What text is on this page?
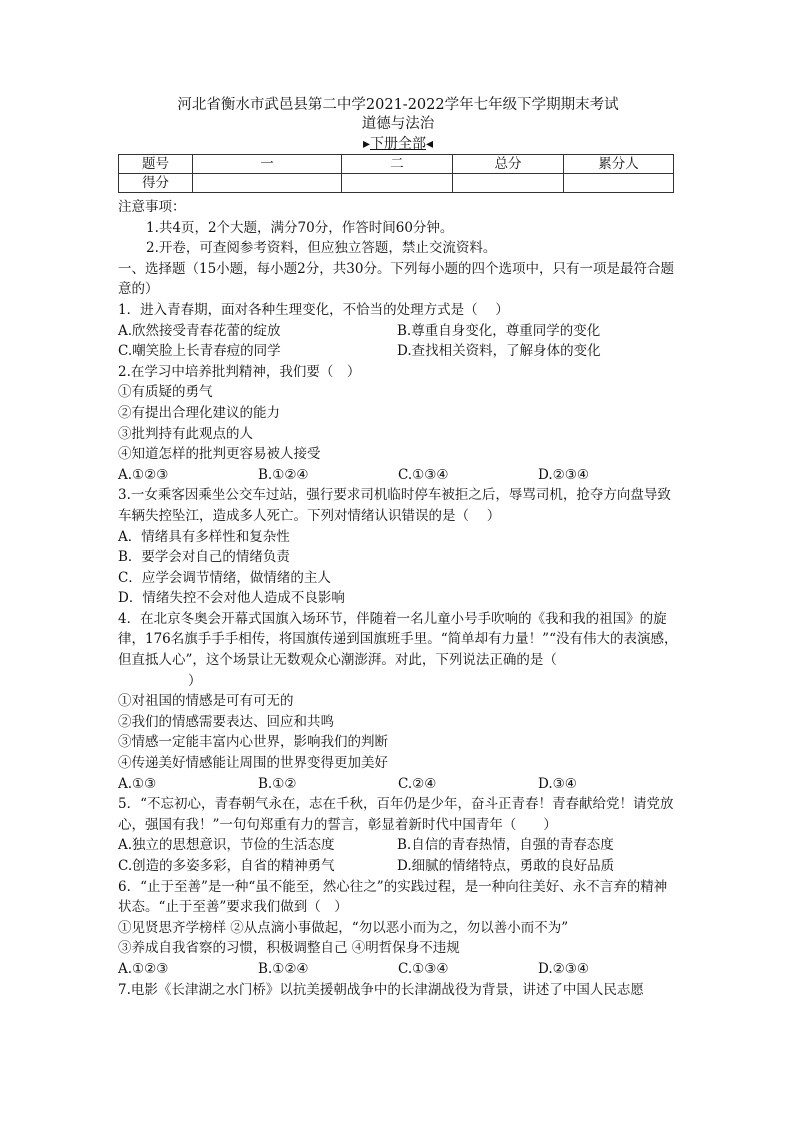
河北省衡水市武邑县第二中学2021-2022学年七年级下学期期末考试
道德与法治
▸下册全部◂
题号	一	二	总分	累分人
得分				
注意事项：
1.共4页，2个大题，满分70分，作答时间60分钟。
2.开卷，可查阅参考资料，但应独立答题，禁止交流资料。
一、选择题（15小题，每小题2分，共30分。下列每小题的四个选项中，只有一项是最符合题意的）
1．进入青春期，面对各种生理变化，不恰当的处理方式是（　 ）
A.欣然接受青春花蕾的绽放	B.尊重自身变化，尊重同学的变化
C.嘲笑脸上长青春痘的同学	D.查找相关资料，了解身体的变化
2.在学习中培养批判精神，我们要（　）
①有质疑的勇气
②有提出合理化建议的能力
③批判持有此观点的人
④知道怎样的批判更容易被人接受
A.①②③	B.①②④	C.①③④	D.②③④
3.一女乘客因乘坐公交车过站，强行要求司机临时停车被拒之后，辱骂司机，抢夺方向盘导致车辆失控坠江，造成多人死亡。下列对情绪认识错误的是（　 ）
A．情绪具有多样性和复杂性
B．要学会对自己的情绪负责
C．应学会调节情绪，做情绪的主人
D．情绪失控不会对他人造成不良影响
4．在北京冬奥会开幕式国旗入场环节，伴随着一名儿童小号手吹响的《我和我的祖国》的旋律，176名旗手手手相传，将国旗传递到国旗班手里。“简单却有力量！”“没有伟大的表演感，但直抵人心”，这个场景让无数观众心潮澎湃。对此，下列说法正确的是（
）
①对祖国的情感是可有可无的
②我们的情感需要表达、回应和共鸣
③情感一定能丰富内心世界，影响我们的判断
④传递美好情感能让周围的世界变得更加美好
A.①③	B.①②	C.②④	D.③④
5．“不忘初心，青春朝气永在，志在千秋，百年仍是少年，奋斗正青春！青春献给党！请党放心，强国有我！”一句句郑重有力的誓言，彰显着新时代中国青年（　　）
A.独立的思想意识，节俭的生活态度	B.自信的青春热情，自强的青春态度
C.创造的多姿多彩，自省的精神勇气	D.细腻的情绪特点，勇敢的良好品质
6．“止于至善”是一种“虽不能至，然心往之”的实践过程，是一种向往美好、永不言弃的精神状态。“止于至善”要求我们做到（　）
①见贤思齐学榜样 ②从点滴小事做起，“勿以恶小而为之，勿以善小而不为”
③养成自我省察的习惯，积极调整自己 ④明哲保身不违规
A.①②③	B.①②④	C.①③④	D.②③④
7.电影《长津湖之水门桥》以抗美援朝战争中的长津湖战役为背景，讲述了中国人民志愿
